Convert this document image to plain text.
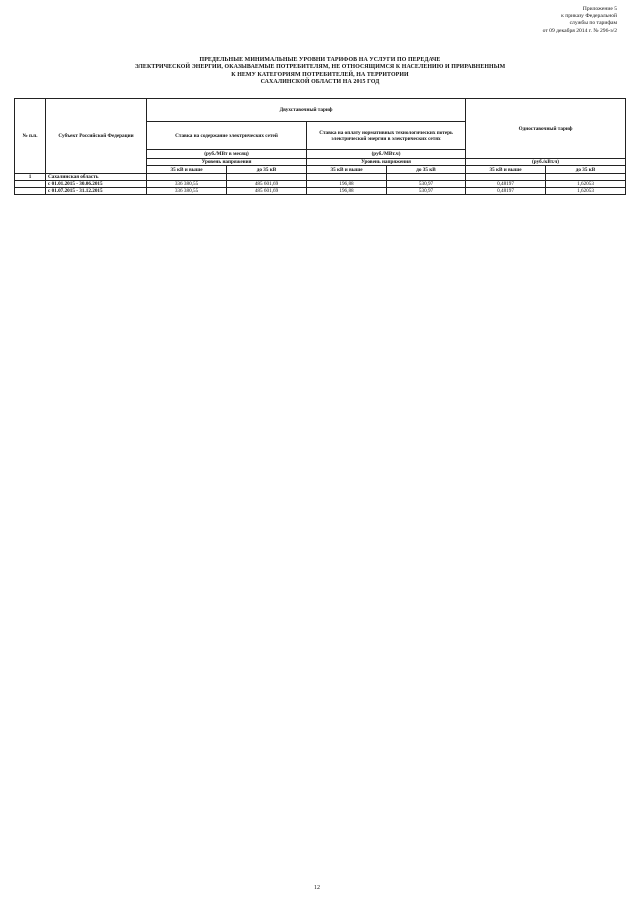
Приложение 5
к приказу Федеральной
службы по тарифам
от 09 декабря 2014 г. № 296-э/2
ПРЕДЕЛЬНЫЕ МИНИМАЛЬНЫЕ УРОВНИ ТАРИФОВ НА УСЛУГИ ПО ПЕРЕДАЧЕ
ЭЛЕКТРИЧЕСКОЙ ЭНЕРГИИ, ОКАЗЫВАЕМЫЕ ПОТРЕБИТЕЛЯМ, НЕ ОТНОСЯЩИМСЯ К НАСЕЛЕНИЮ И ПРИРАВНЕННЫМ
К НЕМУ КАТЕГОРИЯМ ПОТРЕБИТЕЛЕЙ, НА ТЕРРИТОРИИ
САХАЛИНСКОЙ ОБЛАСТИ НА 2015 ГОД
№ п.п.	Субъект Российской Федерации	Двухставочный тариф				Одноставочный тариф	
		Ставка на содержание электрических сетей		Ставка на оплату нормативных технологических потерь электрической энергии в электрических сетях			
		(руб./МВт в месяц)		(руб./МВт.ч)			
		Уровень напряжения		Уровень напряжения		(руб./кВт.ч)	
		35 кВ и выше	до 35 кВ	35 кВ и выше	до 35 кВ	35 кВ и выше	до 35 кВ
1	Сахалинская область						
	с 01.01.2015 - 30.06.2015	336 380,55	485 601,69	196,88	530,97	0,48197	1,62053
	с 01.07.2015 - 31.12.2015	336 380,55	485 601,69	196,88	530,97	0,48197	1,62053
12
